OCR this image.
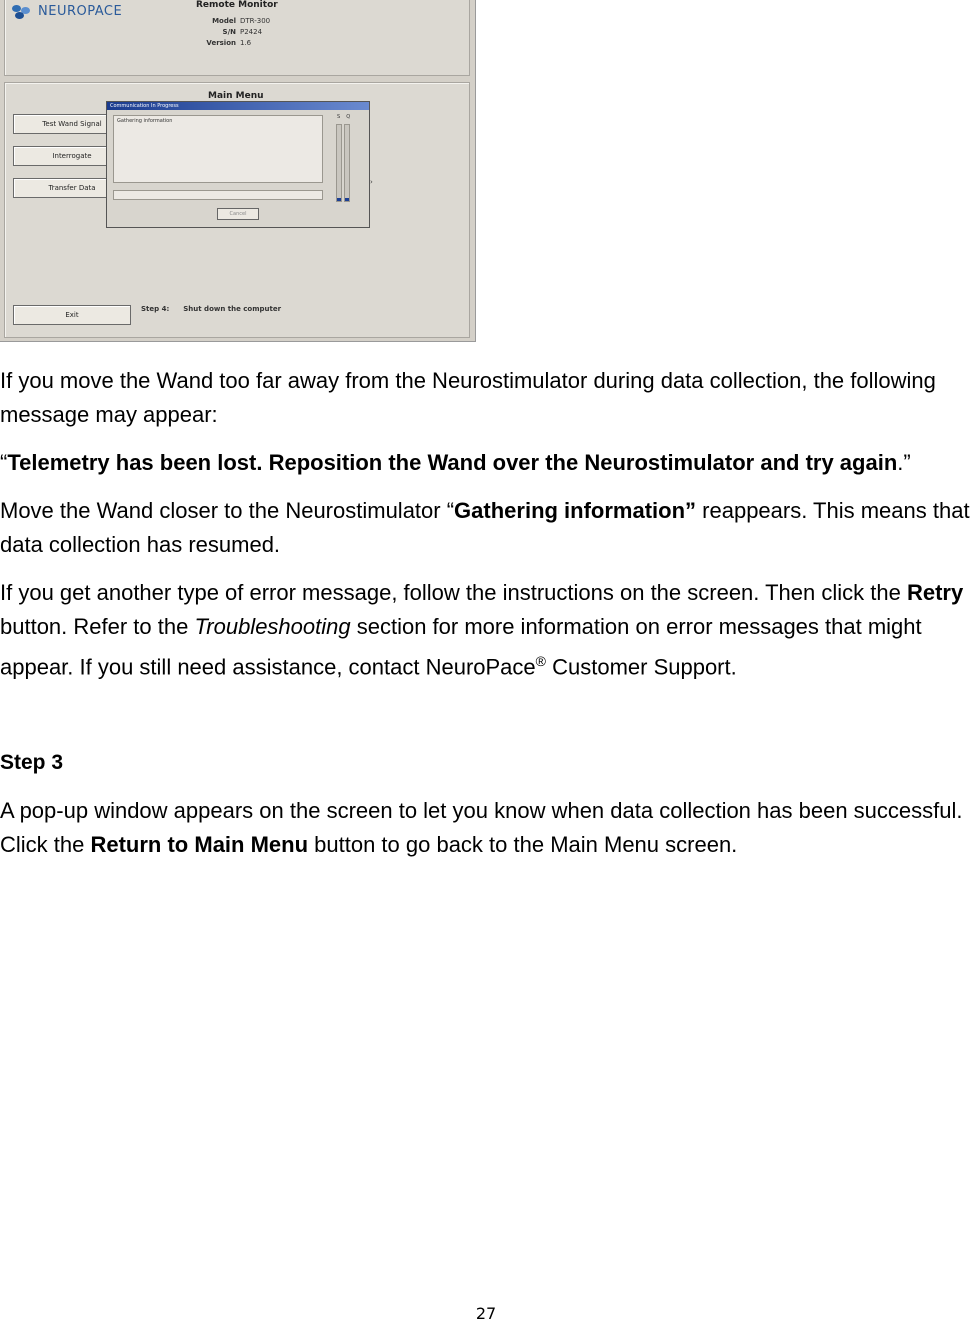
NEUROPACE	Remote Monitor
Model DTR-300
S/N P2424
Version 1.6
Main Menu
Test Wand Signal
Interrogate
Transfer Data
›
Exit
Step 4: Shut down the computer
Communication In Progress
Gathering information
Cancel
S Q

If you move the Wand too far away from the Neurostimulator during data collection, the following message may appear:

“Telemetry has been lost. Reposition the Wand over the Neurostimulator and try again.”

Move the Wand closer to the Neurostimulator “Gathering information” reappears. This means that data collection has resumed.

If you get another type of error message, follow the instructions on the screen. Then click the Retry button. Refer to the Troubleshooting section for more information on error messages that might appear. If you still need assistance, contact NeuroPace® Customer Support.

Step 3

A pop-up window appears on the screen to let you know when data collection has been successful. Click the Return to Main Menu button to go back to the Main Menu screen.

27
